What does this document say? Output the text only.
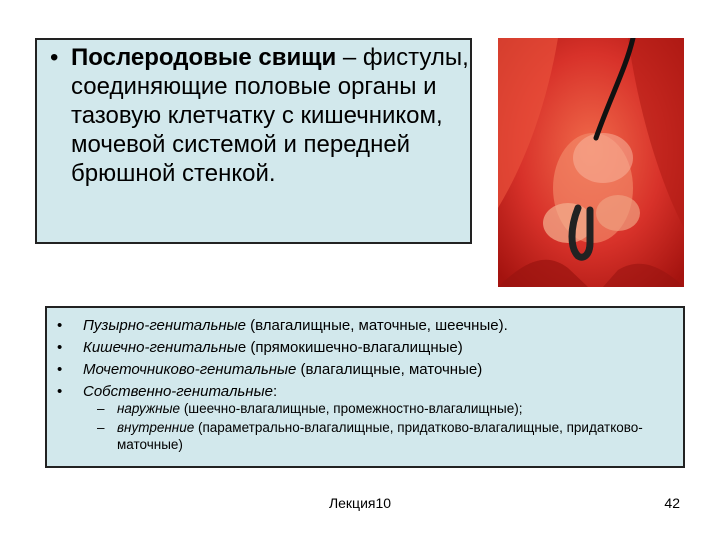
• Послеродовые свищи – фистулы, соединяющие половые органы и тазовую клетчатку с кишечником, мочевой системой и передней брюшной стенкой.

• Пузырно-генитальные (влагалищные, маточные, шеечные).
• Кишечно-генитальные (прямокишечно-влагалищные)
• Мочеточниково-генитальные (влагалищные, маточные)
• Собственно-генитальные:
– наружные (шеечно-влагалищные, промежностно-влагалищные);
– внутренние (параметрально-влагалищные, придатково-влагалищные, придатково-маточные)
Лекция10	42
